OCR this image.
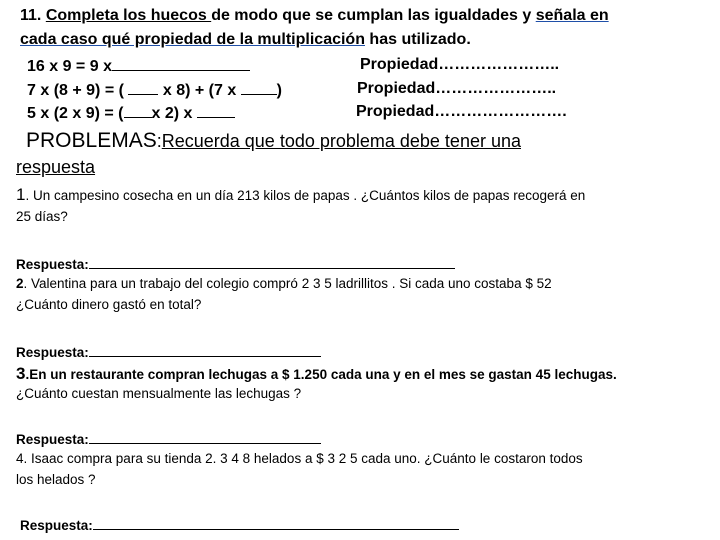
11. Completa los huecos de modo que se cumplan las igualdades y señala en
cada caso qué propiedad de la multiplicación has utilizado.
16 x 9 = 9 x	Propiedad…………………..
7 x (8 + 9) = ( x 8) + (7 x	)	Propiedad…………………..
5 x (2 x 9) = ( x 2) x	Propiedad…………………….
PROBLEMAS:Recuerda que todo problema debe tener una
respuesta
1. Un campesino cosecha en un día 213 kilos de papas . ¿Cuántos kilos de papas recogerá en
25 días?
Respuesta:
2. Valentina para un trabajo del colegio compró 2 3 5 ladrillitos . Si cada uno costaba $ 52
¿Cuánto dinero gastó en total?
Respuesta:
3.En un restaurante compran lechugas a $ 1.250 cada una y en el mes se gastan 45 lechugas.
¿Cuánto cuestan mensualmente las lechugas ?
Respuesta:
4. Isaac compra para su tienda 2. 3 4 8 helados a $ 3 2 5 cada uno. ¿Cuánto le costaron todos
los helados ?
Respuesta:
